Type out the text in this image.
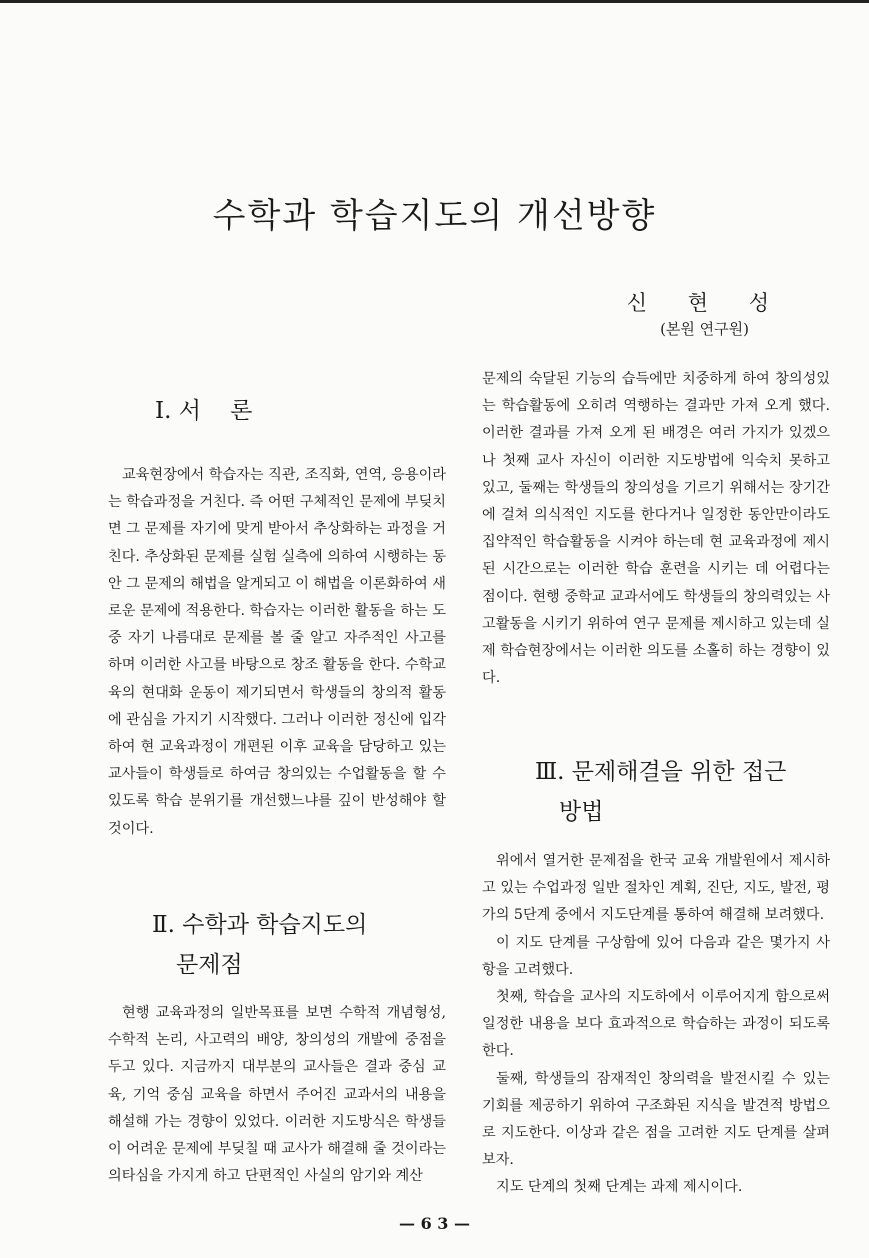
수학과 학습지도의 개선방향
신 현 성
(본원 연구원)
Ⅰ. 서    론

교육현장에서 학습자는 직관, 조직화, 연역, 응용이라는 학습과정을 거친다. 즉 어떤 구체적인 문제에 부딪치면 그 문제를 자기에 맞게 받아서 추상화하는 과정을 거친다. 추상화된 문제를 실험 실측에 의하여 시행하는 동안 그 문제의 해법을 알게되고 이 해법을 이론화하여 새로운 문제에 적용한다. 학습자는 이러한 활동을 하는 도중 자기 나름대로 문제를 볼 줄 알고 자주적인 사고를 하며 이러한 사고를 바탕으로 창조 활동을 한다. 수학교육의 현대화 운동이 제기되면서 학생들의 창의적 활동에 관심을 가지기 시작했다. 그러나 이러한 정신에 입각하여 현 교육과정이 개편된 이후 교육을 담당하고 있는 교사들이 학생들로 하여금 창의있는 수업활동을 할 수 있도록 학습 분위기를 개선했느냐를 깊이 반성해야 할 것이다.

Ⅱ. 수학과 학습지도의
문제점

현행 교육과정의 일반목표를 보면 수학적 개념형성, 수학적 논리, 사고력의 배양, 창의성의 개발에 중점을 두고 있다. 지금까지 대부분의 교사들은 결과 중심 교육, 기억 중심 교육을 하면서 주어진 교과서의 내용을 해설해 가는 경향이 있었다. 이러한 지도방식은 학생들이 어려운 문제에 부딪칠 때 교사가 해결해 줄 것이라는 의타심을 가지게 하고 단편적인 사실의 암기와 계산

문제의 숙달된 기능의 습득에만 치중하게 하여 창의성있는 학습활동에 오히려 역행하는 결과만 가져 오게 했다. 이러한 결과를 가져 오게 된 배경은 여러 가지가 있겠으나 첫째 교사 자신이 이러한 지도방법에 익숙치 못하고 있고, 둘째는 학생들의 창의성을 기르기 위해서는 장기간에 걸쳐 의식적인 지도를 한다거나 일정한 동안만이라도 집약적인 학습활동을 시켜야 하는데 현 교육과정에 제시된 시간으로는 이러한 학습 훈련을 시키는 데 어렵다는 점이다. 현행 중학교 교과서에도 학생들의 창의력있는 사고활동을 시키기 위하여 연구 문제를 제시하고 있는데 실제 학습현장에서는 이러한 의도를 소홀히 하는 경향이 있다.

Ⅲ. 문제해결을 위한 접근
방법

위에서 열거한 문제점을 한국 교육 개발원에서 제시하고 있는 수업과정 일반 절차인 계획, 진단, 지도, 발전, 평가의 5단계 중에서 지도단계를 통하여 해결해 보려했다.

이 지도 단계를 구상함에 있어 다음과 같은 몇가지 사항을 고려했다.

첫째, 학습을 교사의 지도하에서 이루어지게 함으로써 일정한 내용을 보다 효과적으로 학습하는 과정이 되도록 한다.

둘째, 학생들의 잠재적인 창의력을 발전시킬 수 있는 기회를 제공하기 위하여 구조화된 지식을 발견적 방법으로 지도한다. 이상과 같은 점을 고려한 지도 단계를 살펴보자.

지도 단계의 첫째 단계는 과제 제시이다.

— 6 3 —
